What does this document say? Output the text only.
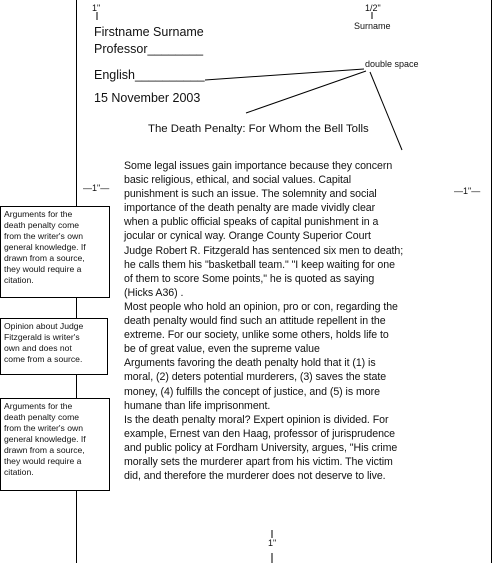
1"	1/2"
Surname
Firstname Surname
Professor________
English__________
15 November 2003
double space
The Death Penalty: For Whom the Bell Tolls
—1"—	—1"—
Some legal issues gain importance because they concern
basic religious, ethical, and social values. Capital
punishment is such an issue. The solemnity and social
importance of the death penalty are made vividly clear
when a public official speaks of capital punishment in a
jocular or cynical way. Orange County Superior Court
Judge Robert R. Fitzgerald has sentenced six men to death;
he calls them his "basketball team." "I keep waiting for one
of them to score Some points," he is quoted as saying
(Hicks A36) .
Most people who hold an opinion, pro or con, regarding the
death penalty would find such an attitude repellent in the
extreme. For our society, unlike some others, holds life to
be of great value, even the supreme value
Arguments favoring the death penalty hold that it (1) is
moral, (2) deters potential murderers, (3) saves the state
money, (4) fulfills the concept of justice, and (5) is more
humane than life imprisonment.
Is the death penalty moral? Expert opinion is divided. For
example, Ernest van den Haag, professor of jurisprudence
and public policy at Fordham University, argues, "His crime
morally sets the murderer apart from his victim. The victim
did, and therefore the murderer does not deserve to live.
Arguments for the
death penalty come
from the writer's own
general knowledge. If
drawn from a source,
they would require a
citation.
Opinion about Judge
Fitzgerald is writer's
own and does not
come from a source.
Arguments for the
death penalty come
from the writer's own
general knowledge. If
drawn from a source,
they would require a
citation.
1"
